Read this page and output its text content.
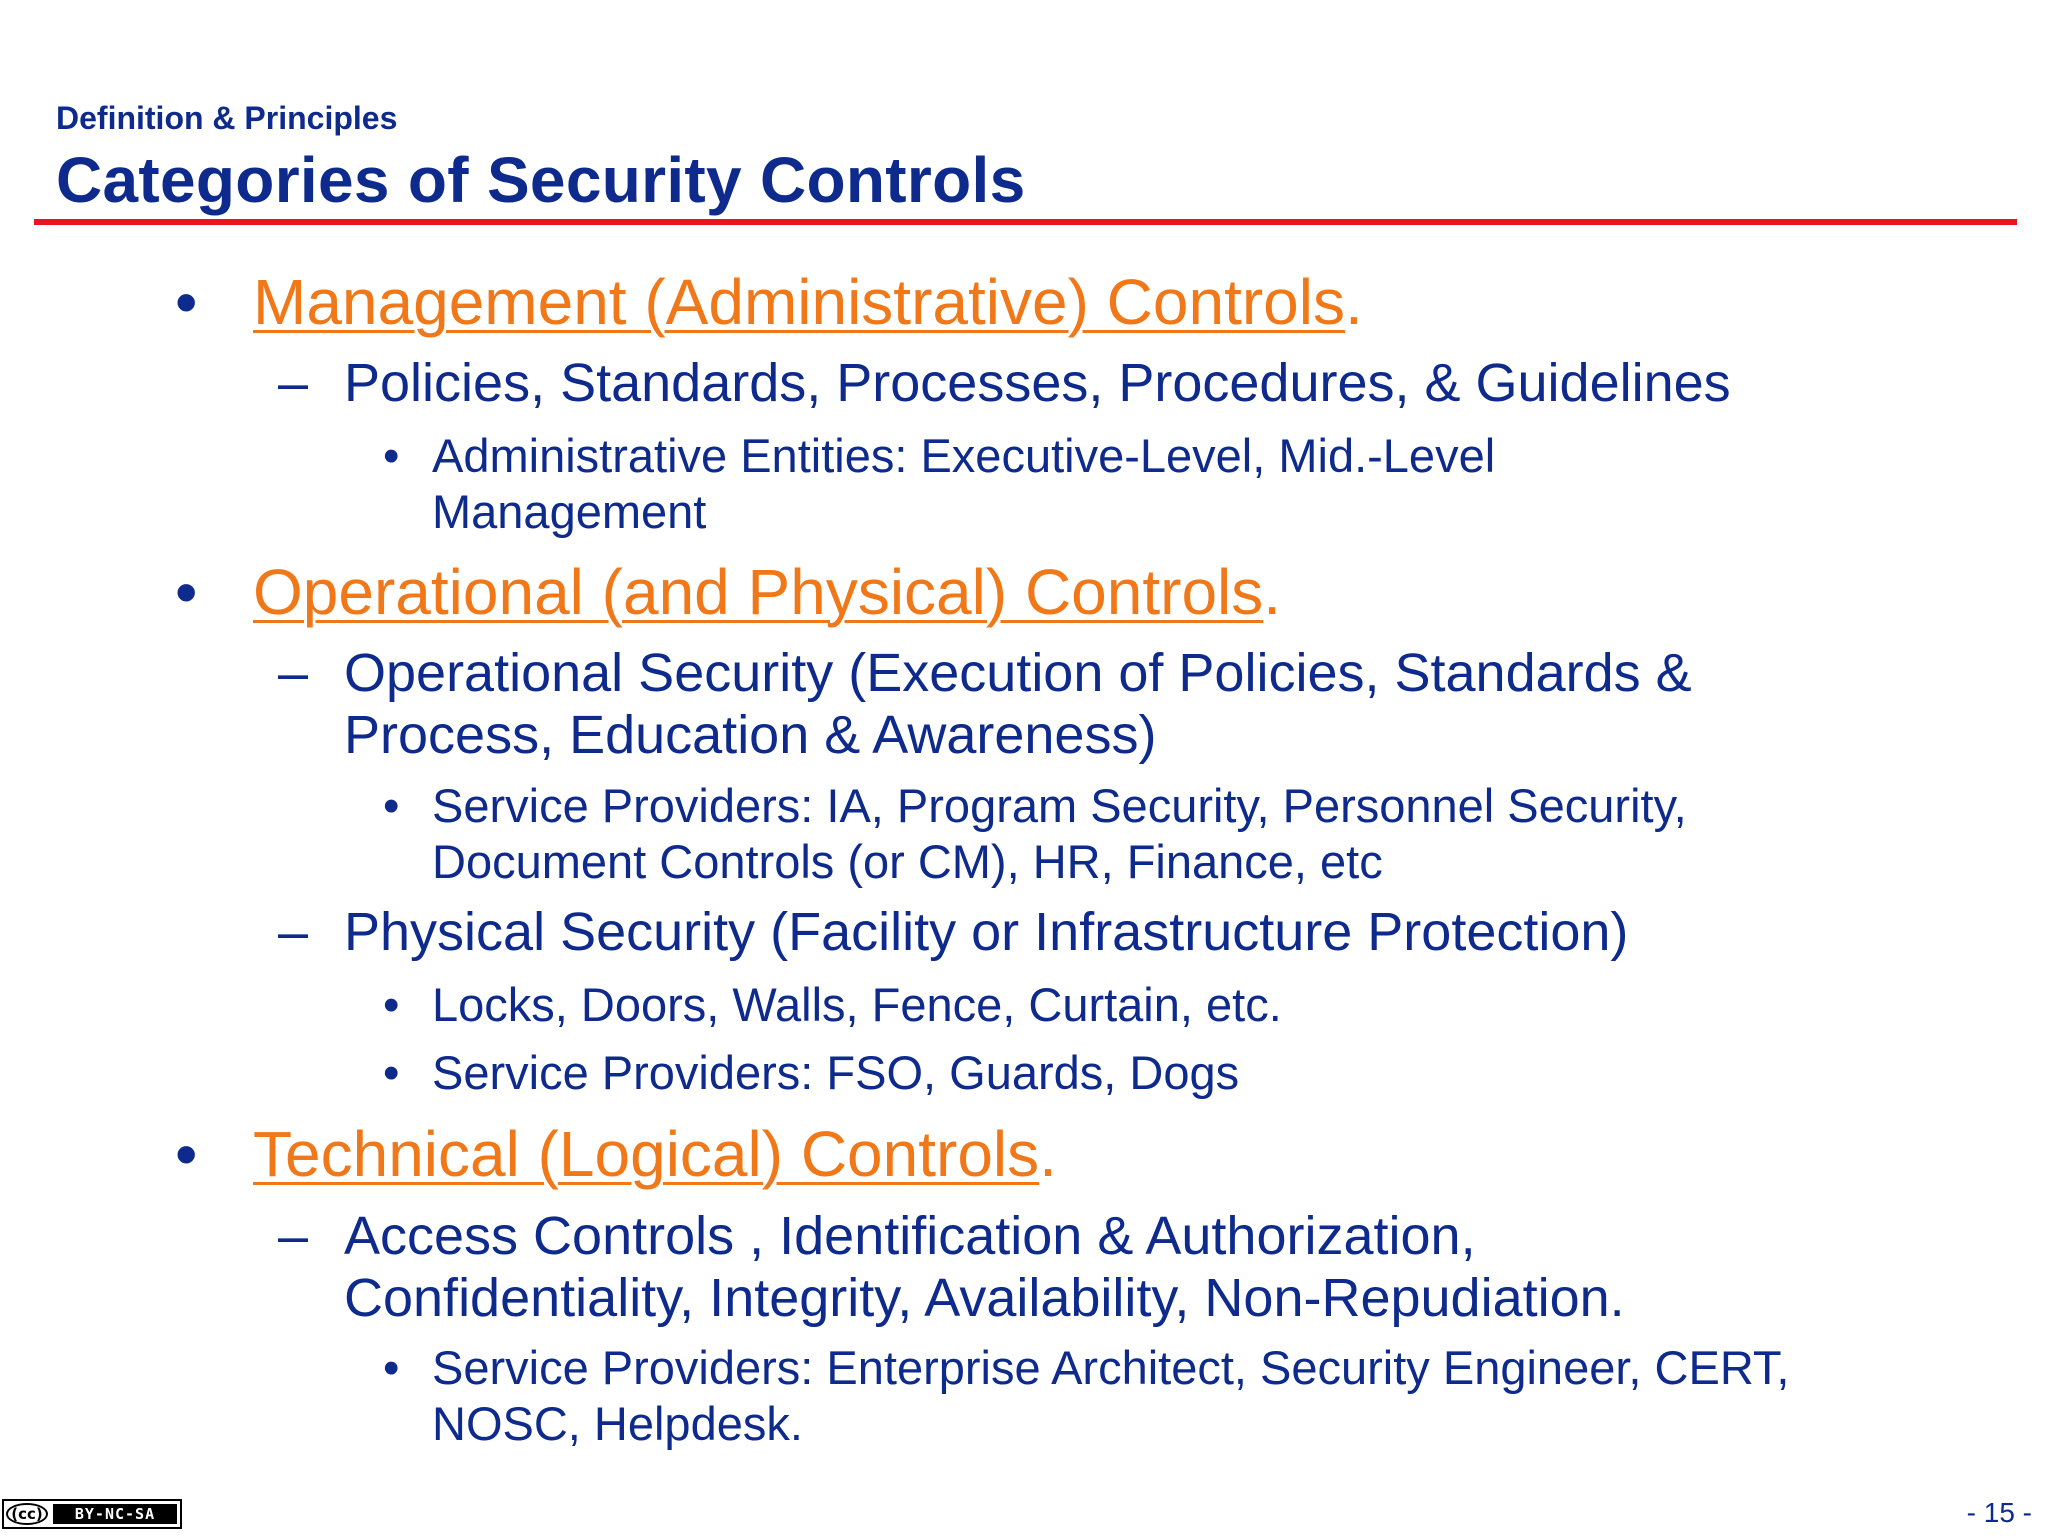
Definition & Principles
Categories of Security Controls
• Management (Administrative) Controls.
– Policies, Standards, Processes, Procedures, & Guidelines
• Administrative Entities: Executive-Level, Mid.-Level Management
• Operational (and Physical) Controls.
– Operational Security (Execution of Policies, Standards & Process, Education & Awareness)
• Service Providers: IA, Program Security, Personnel Security, Document Controls (or CM), HR, Finance, etc
– Physical Security (Facility or Infrastructure Protection)
• Locks, Doors, Walls, Fence, Curtain, etc.
• Service Providers: FSO, Guards, Dogs
• Technical (Logical) Controls.
– Access Controls , Identification & Authorization, Confidentiality, Integrity, Availability, Non-Repudiation.
• Service Providers: Enterprise Architect, Security Engineer, CERT, NOSC, Helpdesk.
(cc)	BY-NC-SA	- 15 -
